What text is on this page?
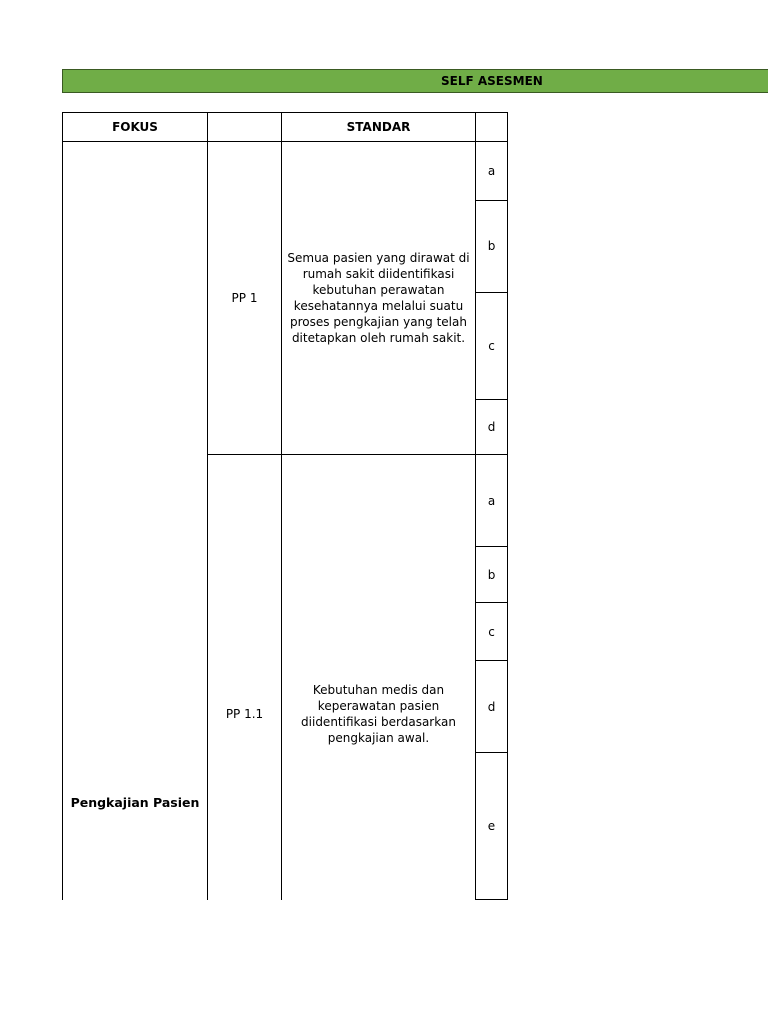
SELF ASESMEN
FOKUS	STANDAR
Pengkajian Pasien
PP 1
Semua pasien yang dirawat di rumah sakit diidentifikasi kebutuhan perawatan kesehatannya melalui suatu proses pengkajian yang telah ditetapkan oleh rumah sakit.
a
b
c
d
PP 1.1
Kebutuhan medis dan keperawatan pasien diidentifikasi berdasarkan pengkajian awal.
a
b
c
d
e
